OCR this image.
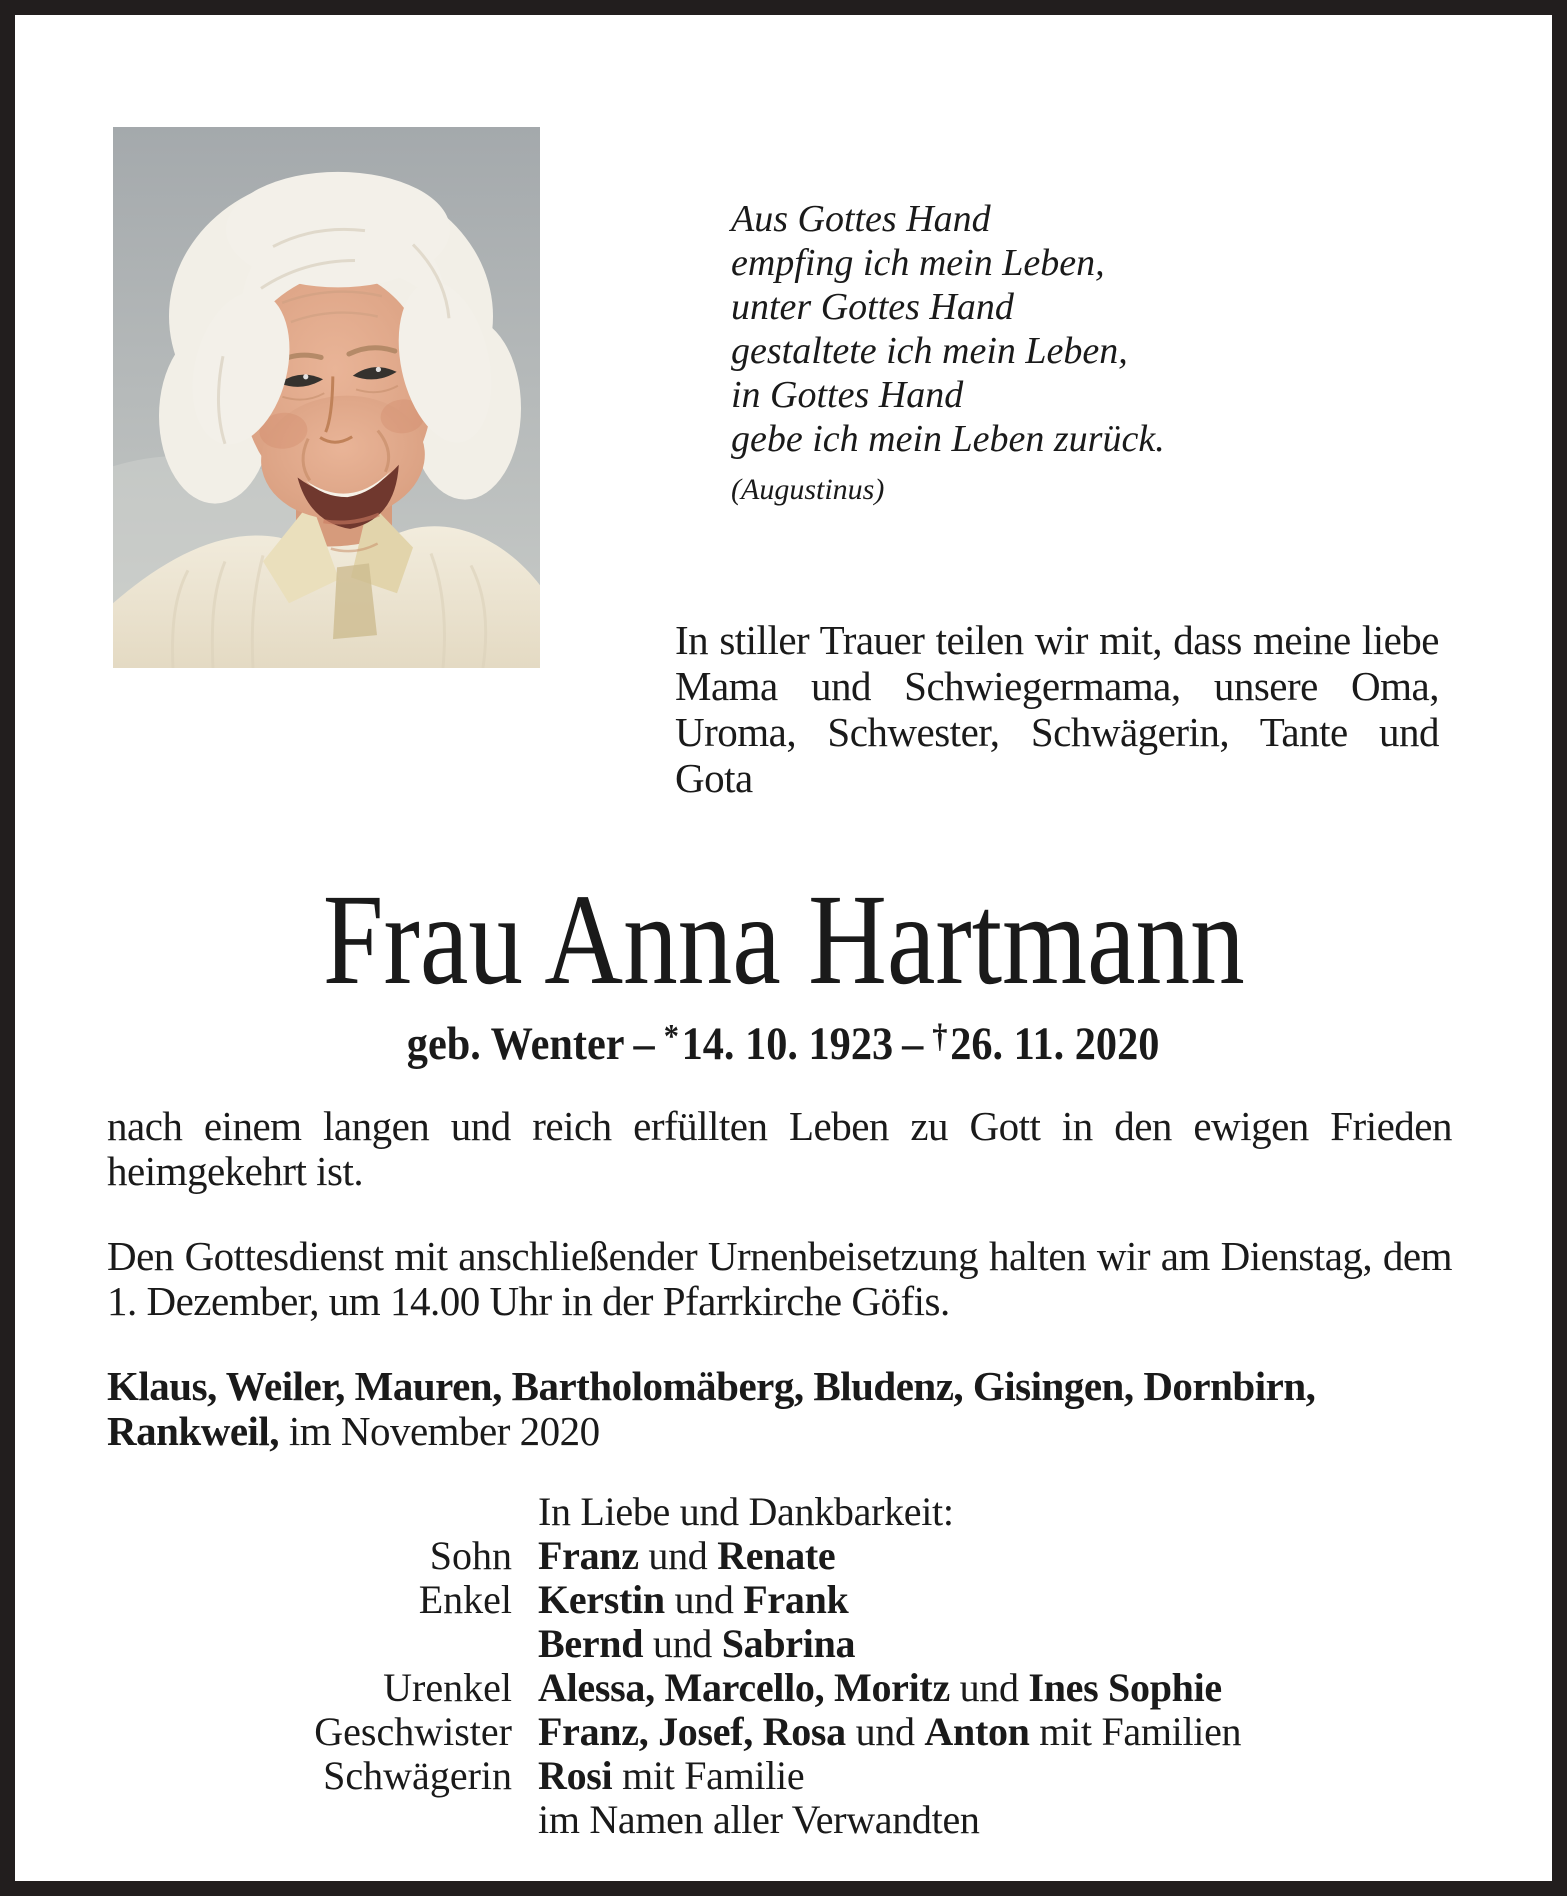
Aus Gottes Hand
empfing ich mein Leben,
unter Gottes Hand
gestaltete ich mein Leben,
in Gottes Hand
gebe ich mein Leben zurück.
(Augustinus)
In stiller Trauer teilen wir mit, dass meine liebe Mama und Schwiegermama, unsere Oma, Uroma, Schwester, Schwägerin, Tante und Gota
Frau Anna Hartmann
geb. Wenter – *14. 10. 1923 – †26. 11. 2020

nach einem langen und reich erfüllten Leben zu Gott in den ewigen Frieden heimgekehrt ist.

Den Gottesdienst mit anschließender Urnenbeisetzung halten wir am Dienstag, dem 1. Dezember, um 14.00 Uhr in der Pfarrkirche Göfis.

Klaus, Weiler, Mauren, Bartholomäberg, Bludenz, Gisingen, Dornbirn, Rankweil, im November 2020

In Liebe und Dankbarkeit:
Sohn Franz und Renate
Enkel Kerstin und Frank
Bernd und Sabrina
Urenkel Alessa, Marcello, Moritz und Ines Sophie
Geschwister Franz, Josef, Rosa und Anton mit Familien
Schwägerin Rosi mit Familie
im Namen aller Verwandten
